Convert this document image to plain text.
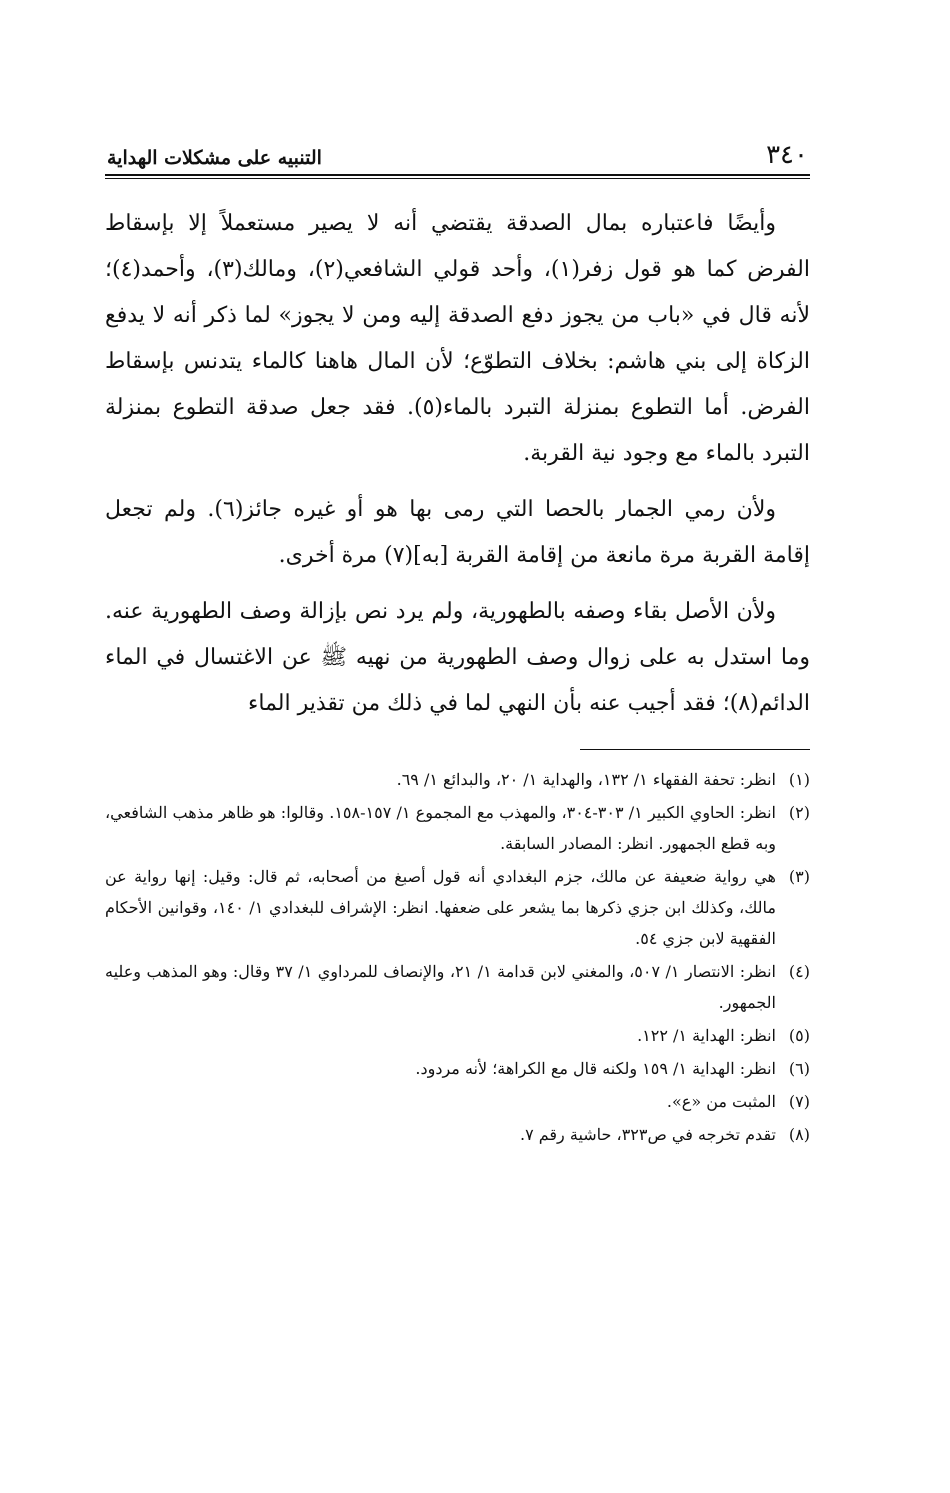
٣٤٠
التنبيه على مشكلات الهداية

وأيضًا فاعتباره بمال الصدقة يقتضي أنه لا يصير مستعملاً إلا بإسقاط الفرض كما هو قول زفر(١)، وأحد قولي الشافعي(٢)، ومالك(٣)، وأحمد(٤)؛ لأنه قال في «باب من يجوز دفع الصدقة إليه ومن لا يجوز» لما ذكر أنه لا يدفع الزكاة إلى بني هاشم: بخلاف التطوّع؛ لأن المال هاهنا كالماء يتدنس بإسقاط الفرض. أما التطوع بمنزلة التبرد بالماء(٥). فقد جعل صدقة التطوع بمنزلة التبرد بالماء مع وجود نية القربة.

ولأن رمي الجمار بالحصا التي رمى بها هو أو غيره جائز(٦). ولم تجعل إقامة القربة مرة مانعة من إقامة القربة [به](٧) مرة أخرى.

ولأن الأصل بقاء وصفه بالطهورية، ولم يرد نص بإزالة وصف الطهورية عنه. وما استدل به على زوال وصف الطهورية من نهيه ﷺ عن الاغتسال في الماء الدائم(٨)؛ فقد أجيب عنه بأن النهي لما في ذلك من تقذير الماء

(١)
انظر: تحفة الفقهاء ١/ ١٣٢، والهداية ١/ ٢٠، والبدائع ١/ ٦٩.
(٢)
انظر: الحاوي الكبير ١/ ٣٠٣-٣٠٤، والمهذب مع المجموع ١/ ١٥٧-١٥٨. وقالوا: هو ظاهر مذهب الشافعي، وبه قطع الجمهور. انظر: المصادر السابقة.
(٣)
هي رواية ضعيفة عن مالك، جزم البغدادي أنه قول أصبغ من أصحابه، ثم قال: وقيل: إنها رواية عن مالك، وكذلك ابن جزي ذكرها بما يشعر على ضعفها. انظر: الإشراف للبغدادي ١/ ١٤٠، وقوانين الأحكام الفقهية لابن جزي ٥٤.
(٤)
انظر: الانتصار ١/ ٥٠٧، والمغني لابن قدامة ١/ ٢١، والإنصاف للمرداوي ١/ ٣٧ وقال: وهو المذهب وعليه الجمهور.
(٥)
انظر: الهداية ١/ ١٢٢.
(٦)
انظر: الهداية ١/ ١٥٩ ولكنه قال مع الكراهة؛ لأنه مردود.
(٧)
المثبت من «ع».
(٨)
تقدم تخرجه في ص٣٢٣، حاشية رقم ٧.
